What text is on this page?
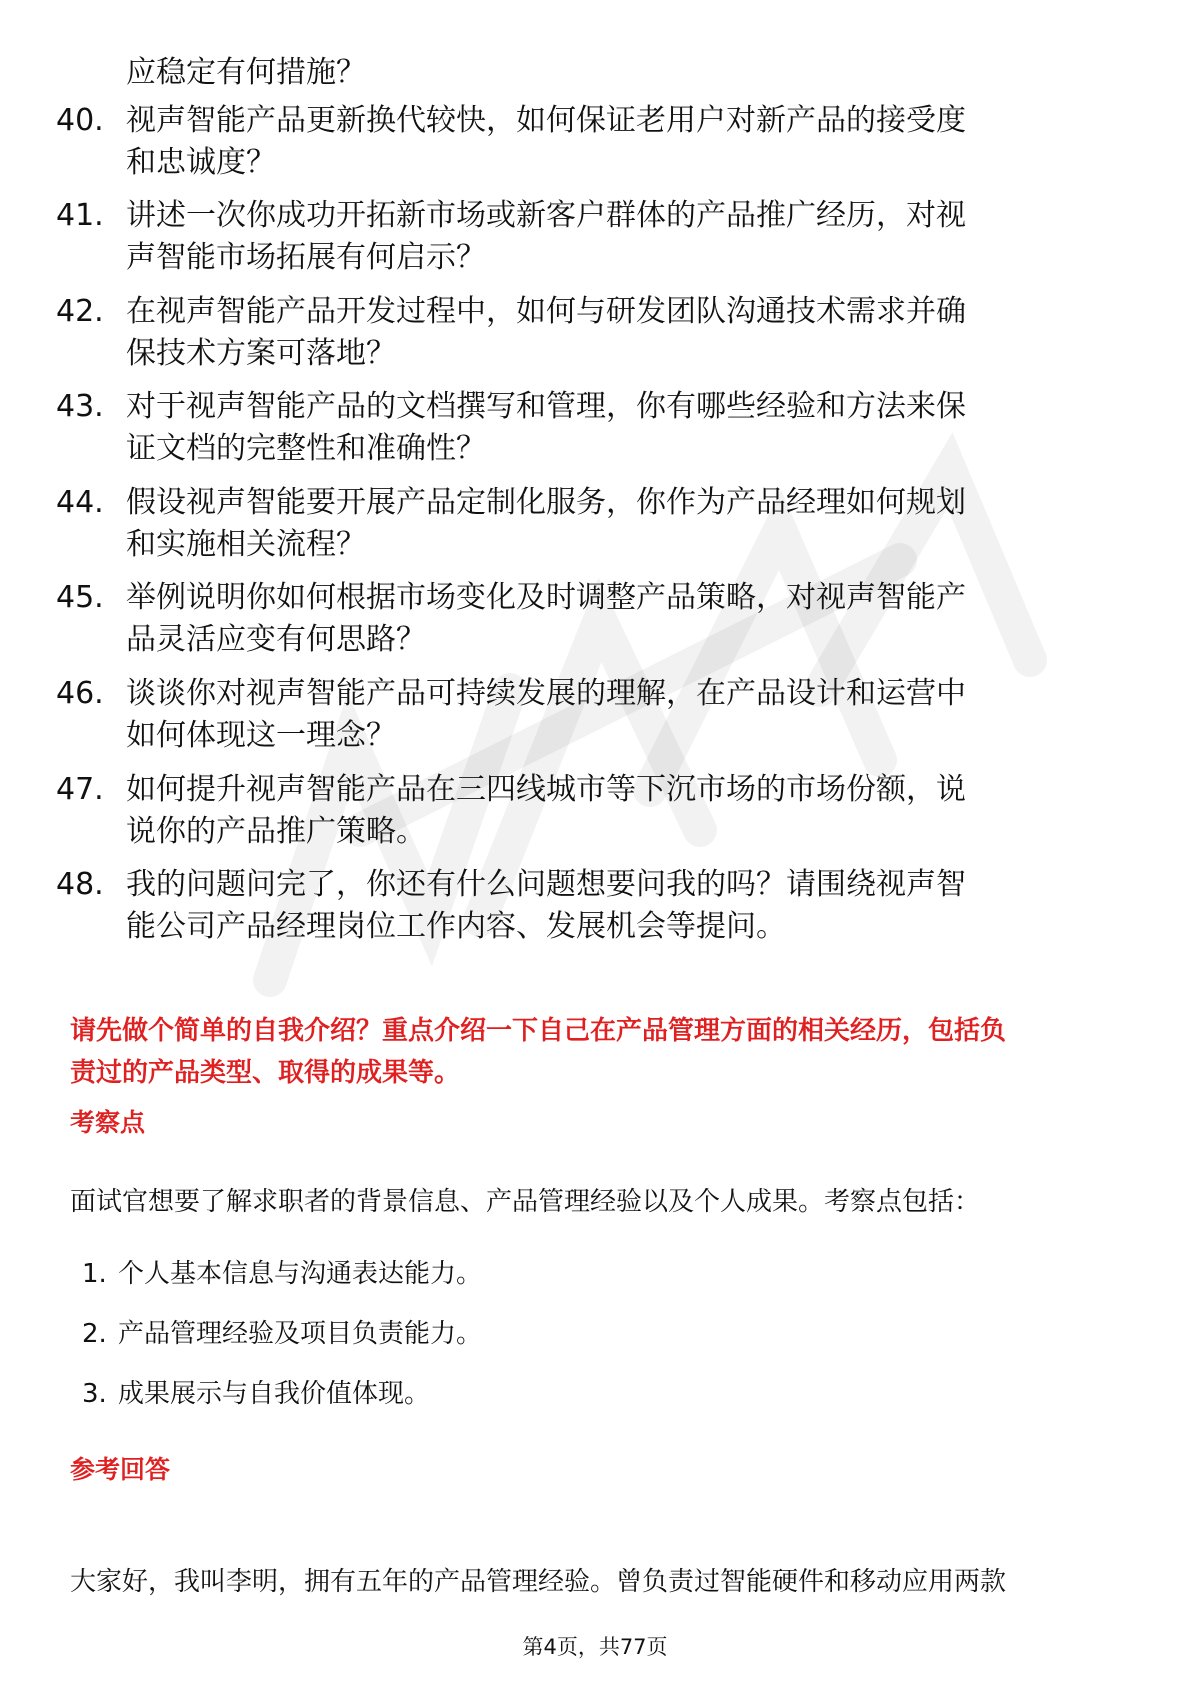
应稳定有何措施？
40. 视声智能产品更新换代较快，如何保证老用户对新产品的接受度
和忠诚度？
41. 讲述一次你成功开拓新市场或新客户群体的产品推广经历，对视
声智能市场拓展有何启示？
42. 在视声智能产品开发过程中，如何与研发团队沟通技术需求并确
保技术方案可落地？
43. 对于视声智能产品的文档撰写和管理，你有哪些经验和方法来保
证文档的完整性和准确性？
44. 假设视声智能要开展产品定制化服务，你作为产品经理如何规划
和实施相关流程？
45. 举例说明你如何根据市场变化及时调整产品策略，对视声智能产
品灵活应变有何思路？
46. 谈谈你对视声智能产品可持续发展的理解，在产品设计和运营中
如何体现这一理念？
47. 如何提升视声智能产品在三四线城市等下沉市场的市场份额，说
说你的产品推广策略。
48. 我的问题问完了，你还有什么问题想要问我的吗？请围绕视声智
能公司产品经理岗位工作内容、发展机会等提问。
请先做个简单的自我介绍？重点介绍一下自己在产品管理方面的相关经历，包括负
责过的产品类型、取得的成果等。
考察点
面试官想要了解求职者的背景信息、产品管理经验以及个人成果。考察点包括：
1. 个人基本信息与沟通表达能力。
2. 产品管理经验及项目负责能力。
3. 成果展示与自我价值体现。
参考回答
大家好，我叫李明，拥有五年的产品管理经验。曾负责过智能硬件和移动应用两款
第4页，共77页
